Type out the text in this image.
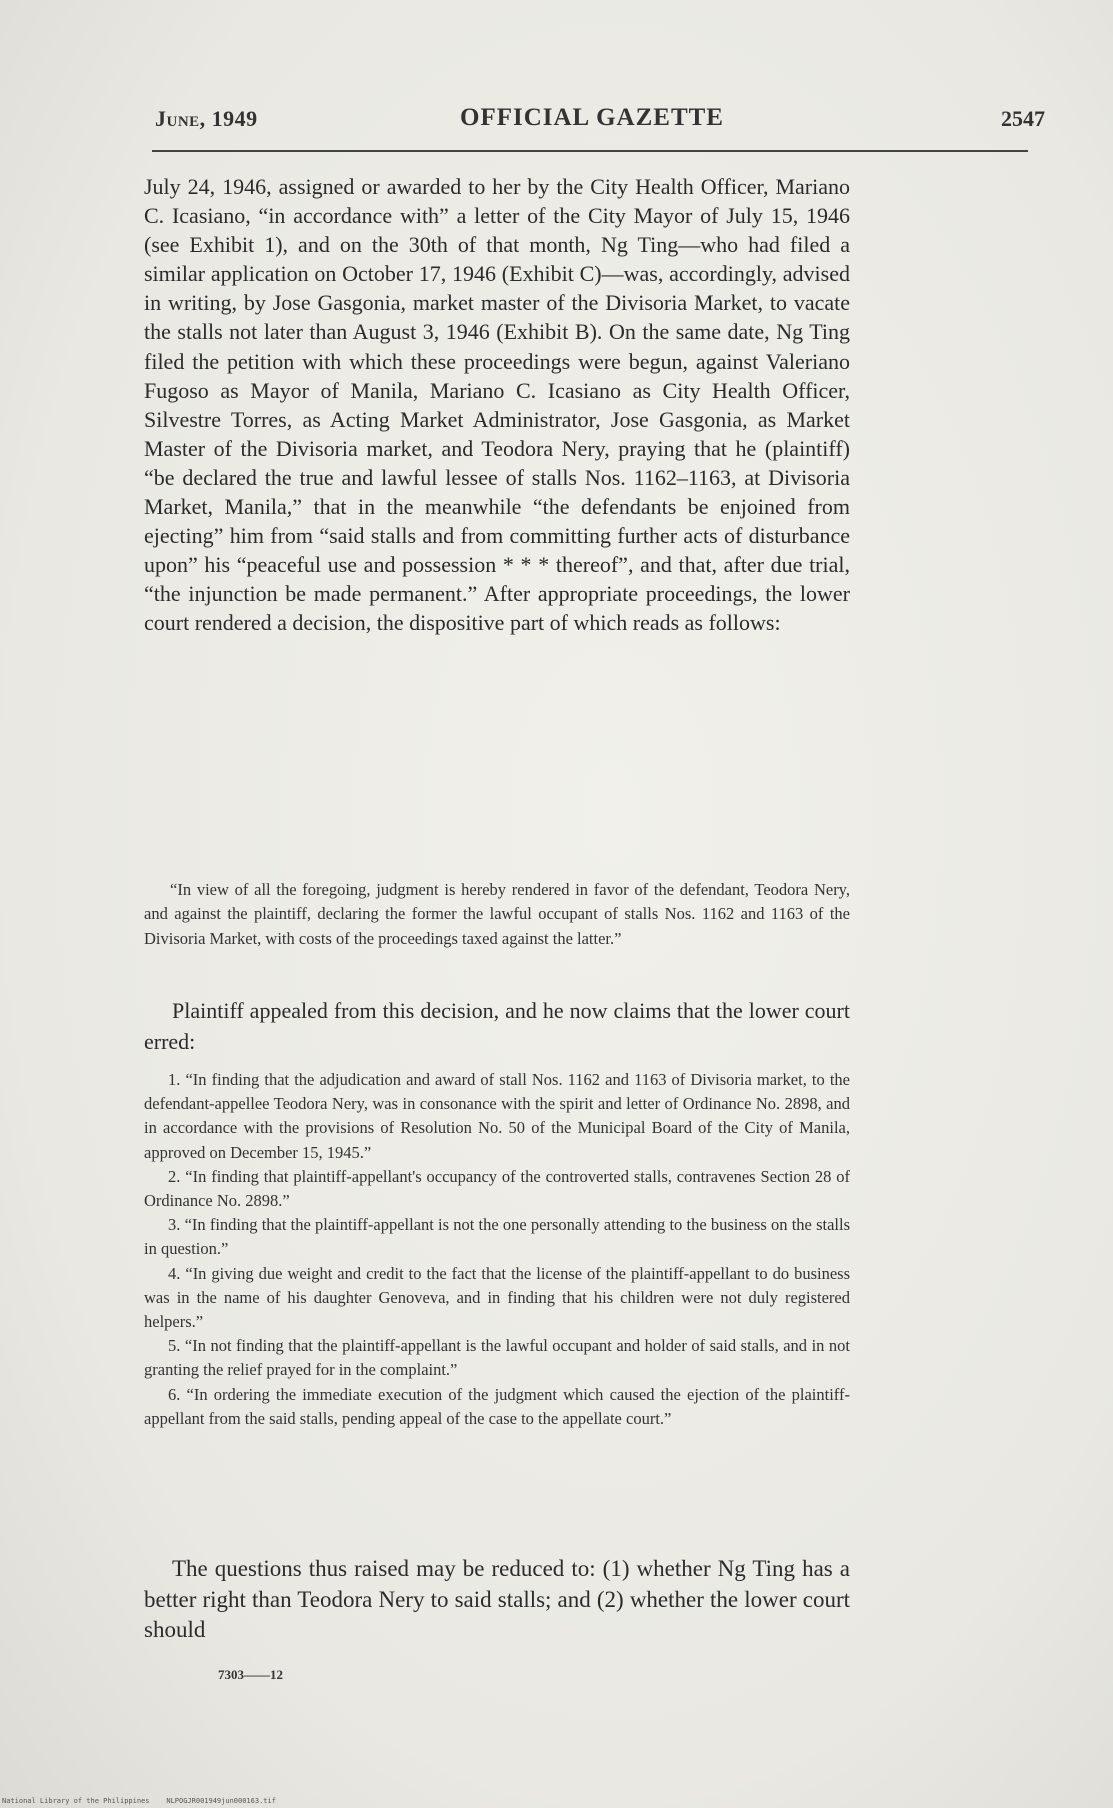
June, 1949	OFFICIAL GAZETTE	2547

July 24, 1946, assigned or awarded to her by the City Health Officer, Mariano C. Icasiano, “in accordance with” a letter of the City Mayor of July 15, 1946 (see Exhibit 1), and on the 30th of that month, Ng Ting—who had filed a similar application on October 17, 1946 (Exhibit C)—was, accordingly, advised in writing, by Jose Gasgonia, market master of the Divisoria Market, to vacate the stalls not later than August 3, 1946 (Exhibit B). On the same date, Ng Ting filed the petition with which these proceedings were begun, against Valeriano Fugoso as Mayor of Manila, Mariano C. Icasiano as City Health Officer, Silvestre Torres, as Acting Market Administrator, Jose Gasgonia, as Market Master of the Divisoria market, and Teodora Nery, praying that he (plaintiff) “be declared the true and lawful lessee of stalls Nos. 1162–1163, at Divisoria Market, Manila,” that in the meanwhile “the defendants be enjoined from ejecting” him from “said stalls and from committing further acts of disturbance upon” his “peaceful use and possession * * * thereof”, and that, after due trial, “the injunction be made permanent.” After appropriate proceedings, the lower court rendered a decision, the dispositive part of which reads as follows:

“In view of all the foregoing, judgment is hereby rendered in favor of the defendant, Teodora Nery, and against the plaintiff, declaring the former the lawful occupant of stalls Nos. 1162 and 1163 of the Divisoria Market, with costs of the proceedings taxed against the latter.”

Plaintiff appealed from this decision, and he now claims that the lower court erred:

1. “In finding that the adjudication and award of stall Nos. 1162 and 1163 of Divisoria market, to the defendant-appellee Teodora Nery, was in consonance with the spirit and letter of Ordinance No. 2898, and in accordance with the provisions of Resolution No. 50 of the Municipal Board of the City of Manila, approved on December 15, 1945.”

2. “In finding that plaintiff-appellant's occupancy of the controverted stalls, contravenes Section 28 of Ordinance No. 2898.”

3. “In finding that the plaintiff-appellant is not the one personally attending to the business on the stalls in question.”

4. “In giving due weight and credit to the fact that the license of the plaintiff-appellant to do business was in the name of his daughter Genoveva, and in finding that his children were not duly registered helpers.”

5. “In not finding that the plaintiff-appellant is the lawful occupant and holder of said stalls, and in not granting the relief prayed for in the complaint.”

6. “In ordering the immediate execution of the judgment which caused the ejection of the plaintiff-appellant from the said stalls, pending appeal of the case to the appellate court.”

The questions thus raised may be reduced to: (1) whether Ng Ting has a better right than Teodora Nery to said stalls; and (2) whether the lower court should

7303——12
National Library of the Philippines    NLPOGJR001949jun000163.tif
